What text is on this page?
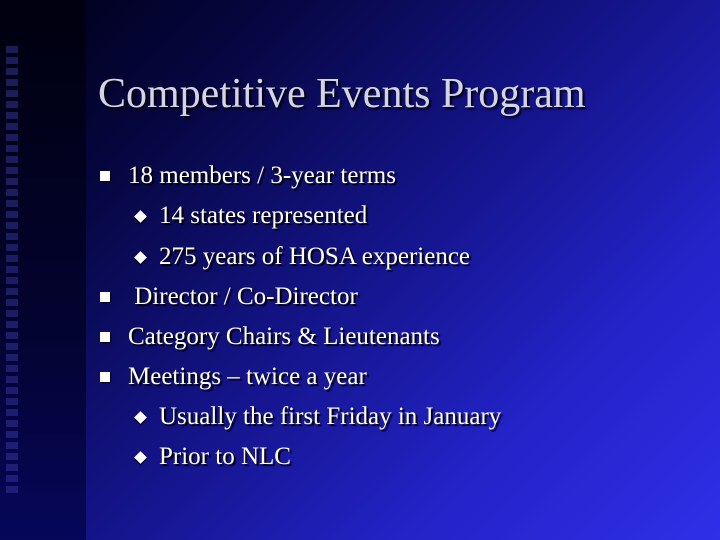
Competitive Events Program
18 members / 3-year terms
14 states represented
275 years of HOSA experience
Director / Co-Director
Category Chairs & Lieutenants
Meetings – twice a year
Usually the first Friday in January
Prior to NLC
